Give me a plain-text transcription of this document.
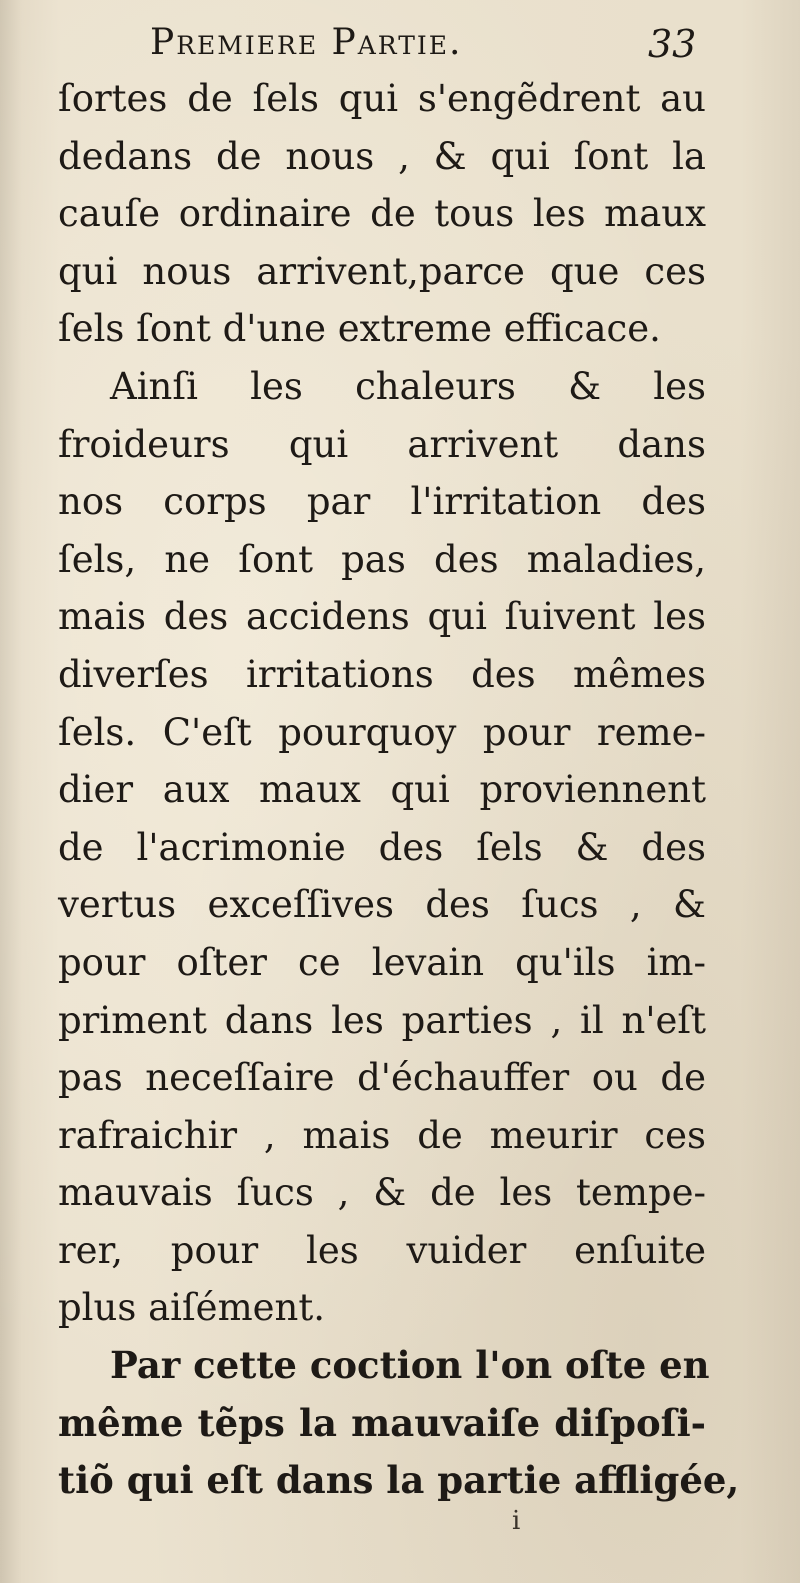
Premiere Partie.	33
ſortes de ſels qui s'engẽdrent au
dedans de nous , & qui ſont la
cauſe ordinaire de tous les maux
qui nous arrivent,parce que ces
ſels ſont d'une extreme efficace.
Ainſi les chaleurs & les
froideurs qui arrivent dans
nos corps par l'irritation des
ſels, ne ſont pas des maladies,
mais des accidens qui ſuivent les
diverſes irritations des mêmes
ſels. C'eſt pourquoy pour reme-
dier aux maux qui proviennent
de l'acrimonie des ſels & des
vertus exceſſives des ſucs , &
pour oſter ce levain qu'ils im-
priment dans les parties , il n'eſt
pas neceſſaire d'échauffer ou de
rafraichir , mais de meurir ces
mauvais ſucs , & de les tempe-
rer, pour les vuider enſuite
plus aiſément.
Par cette coction l'on oſte en
même tẽps la mauvaiſe diſpoſi-
tiõ qui eſt dans la partie affligée,
i
